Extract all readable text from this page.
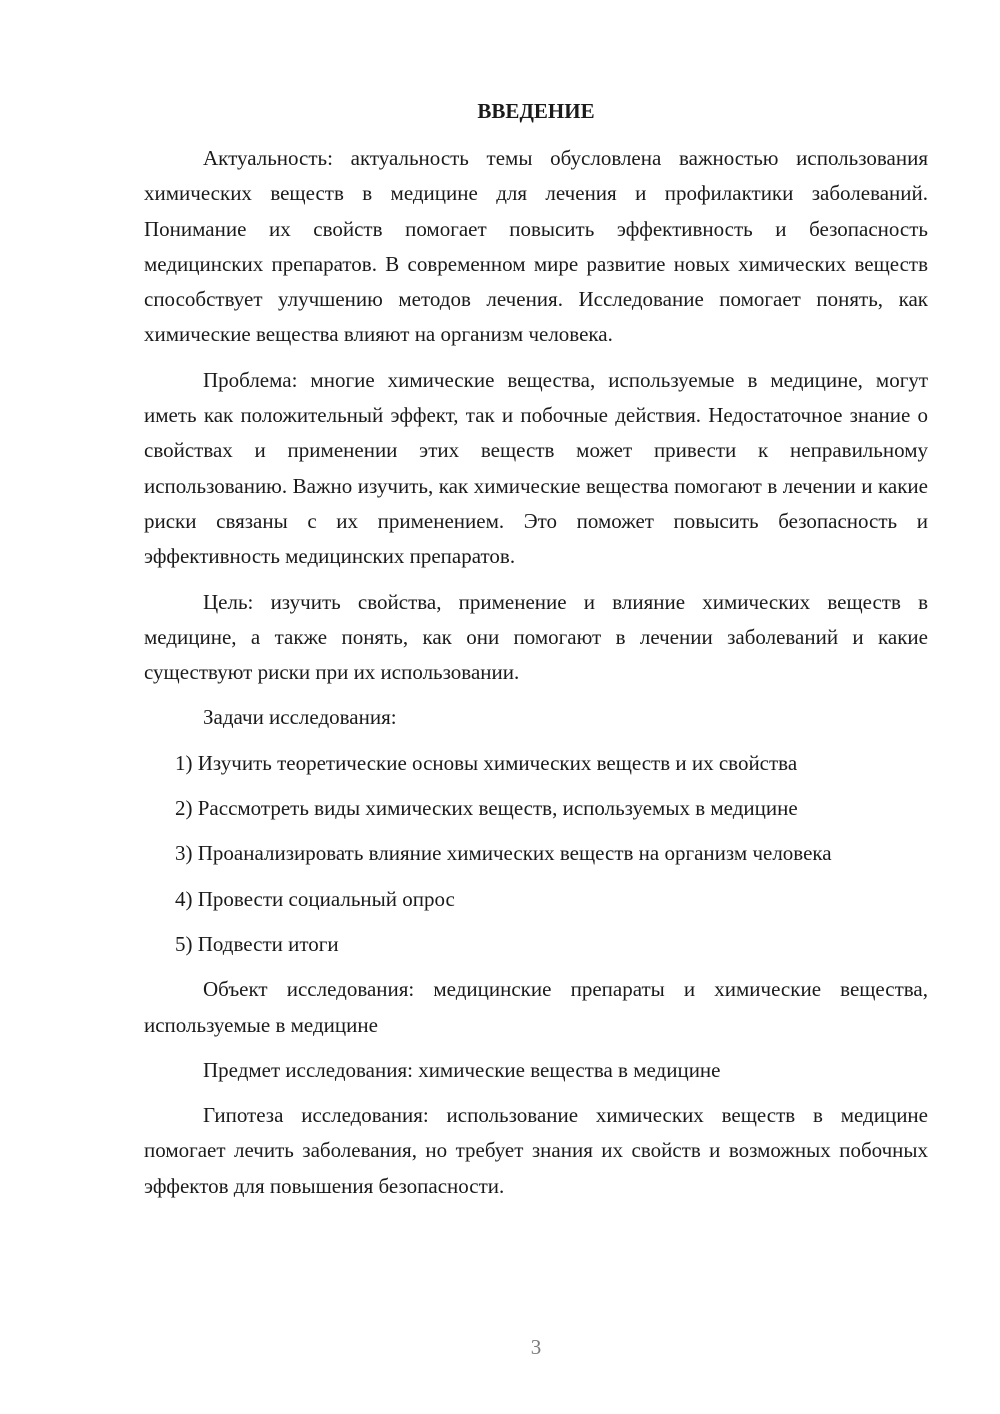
ВВЕДЕНИЕ

Актуальность: актуальность темы обусловлена важностью использования химических веществ в медицине для лечения и профилактики заболеваний. Понимание их свойств помогает повысить эффективность и безопасность медицинских препаратов. В современном мире развитие новых химических веществ способствует улучшению методов лечения. Исследование помогает понять, как химические вещества влияют на организм человека.

Проблема: многие химические вещества, используемые в медицине, могут иметь как положительный эффект, так и побочные действия. Недостаточное знание о свойствах и применении этих веществ может привести к неправильному использованию. Важно изучить, как химические вещества помогают в лечении и какие риски связаны с их применением. Это поможет повысить безопасность и эффективность медицинских препаратов.

Цель: изучить свойства, применение и влияние химических веществ в медицине, а также понять, как они помогают в лечении заболеваний и какие существуют риски при их использовании.

Задачи исследования:

1) Изучить теоретические основы химических веществ и их свойства

2) Рассмотреть виды химических веществ, используемых в медицине

3) Проанализировать влияние химических веществ на организм человека

4) Провести социальный опрос

5) Подвести итоги

Объект исследования: медицинские препараты и химические вещества, используемые в медицине

Предмет исследования: химические вещества в медицине

Гипотеза исследования: использование химических веществ в медицине помогает лечить заболевания, но требует знания их свойств и возможных побочных эффектов для повышения безопасности.

3
